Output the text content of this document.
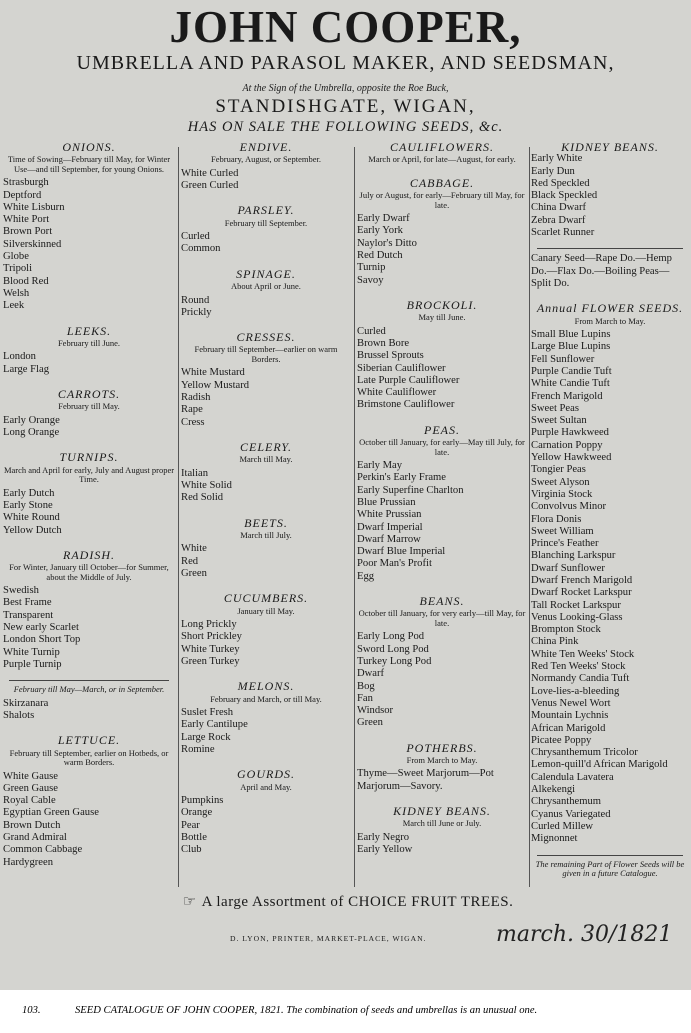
JOHN COOPER,
UMBRELLA AND PARASOL MAKER, AND SEEDSMAN,
At the Sign of the Umbrella, opposite the Roe Buck,
STANDISHGATE, WIGAN,
HAS ON SALE THE FOLLOWING SEEDS, &c.
ONIONS.
Time of Sowing—February till May, for Winter Use—and till September, for young Onions.
Strasburgh
Deptford
White Lisburn
White Port
Brown Port
Silverskinned
Globe
Tripoli
Blood Red
Welsh
Leek
LEEKS.
February till June.
London
Large Flag
CARROTS.
February till May.
Early Orange
Long Orange
TURNIPS.
March and April for early, July and August proper Time.
Early Dutch
Early Stone
White Round
Yellow Dutch
RADISH.
For Winter, January till October—for Summer, about the Middle of July.
Swedish
Best Frame
Transparent
New early Scarlet
London Short Top
White Turnip
Purple Turnip
February till May—March, or in September.
Skirzanara
Shalots
LETTUCE.
February till September, earlier on Hotbeds, or warm Borders.
White Gause
Green Gause
Royal Cable
Egyptian Green Gause
Brown Dutch
Grand Admiral
Common Cabbage
Hardygreen
ENDIVE.
February, August, or September.
White Curled
Green Curled
PARSLEY.
February till September.
Curled
Common
SPINAGE.
About April or June.
Round
Prickly
CRESSES.
February till September—earlier on warm Borders.
White Mustard
Yellow Mustard
Radish
Rape
Cress
CELERY.
March till May.
Italian
White Solid
Red Solid
BEETS.
March till July.
White
Red
Green
CUCUMBERS.
January till May.
Long Prickly
Short Prickley
White Turkey
Green Turkey
MELONS.
February and March, or till May.
Suslet Fresh
Early Cantilupe
Large Rock
Romine
GOURDS.
April and May.
Pumpkins
Orange
Pear
Bottle
Club
CAULIFLOWERS.
March or April, for late—August, for early.
CABBAGE.
July or August, for early—February till May, for late.
Early Dwarf
Early York
Naylor's Ditto
Red Dutch
Turnip
Savoy
BROCKOLI.
May till June.
Curled
Brown Bore
Brussel Sprouts
Siberian Cauliflower
Late Purple Cauliflower
White Cauliflower
Brimstone Cauliflower
PEAS.
October till January, for early—May till July, for late.
Early May
Perkin's Early Frame
Early Superfine Charlton
Blue Prussian
White Prussian
Dwarf Imperial
Dwarf Marrow
Dwarf Blue Imperial
Poor Man's Profit
Egg
BEANS.
October till January, for very early—till May, for late.
Early Long Pod
Sword Long Pod
Turkey Long Pod
Dwarf
Bog
Fan
Windsor
Green
POTHERBS.
From March to May.
Thyme—Sweet Marjorum—Pot Marjorum—Savory.
KIDNEY BEANS.
March till June or July.
Early Negro
Early Yellow
KIDNEY BEANS.
Early White
Early Dun
Red Speckled
Black Speckled
China Dwarf
Zebra Dwarf
Scarlet Runner
Canary Seed—Rape Do.—Hemp Do.—Flax Do.—Boiling Peas—Split Do.
Annual FLOWER SEEDS.
From March to May.
Small Blue Lupins
Large Blue Lupins
Fell Sunflower
Purple Candie Tuft
White Candie Tuft
French Marigold
Sweet Peas
Sweet Sultan
Purple Hawkweed
Carnation Poppy
Yellow Hawkweed
Tongier Peas
Sweet Alyson
Virginia Stock
Convolvus Minor
Flora Donis
Sweet William
Prince's Feather
Blanching Larkspur
Dwarf Sunflower
Dwarf French Marigold
Dwarf Rocket Larkspur
Tall Rocket Larkspur
Venus Looking-Glass
Brompton Stock
China Pink
White Ten Weeks' Stock
Red Ten Weeks' Stock
Normandy Candia Tuft
Love-lies-a-bleeding
Venus Newel Wort
Mountain Lychnis
African Marigold
Picatee Poppy
Chrysanthemum Tricolor
Lemon-quill'd African Marigold
Calendula Lavatera
Alkekengi
Chrysanthemum
Cyanus Variegated
Curled Millew
Mignonnet
The remaining Part of Flower Seeds will be given in a future Catalogue.
☞ A large Assortment of CHOICE FRUIT TREES.
D. LYON, PRINTER, MARKET-PLACE, WIGAN.	march. 30/1821
103.	SEED CATALOGUE OF JOHN COOPER, 1821. The combination of seeds and umbrellas is an unusual one.
